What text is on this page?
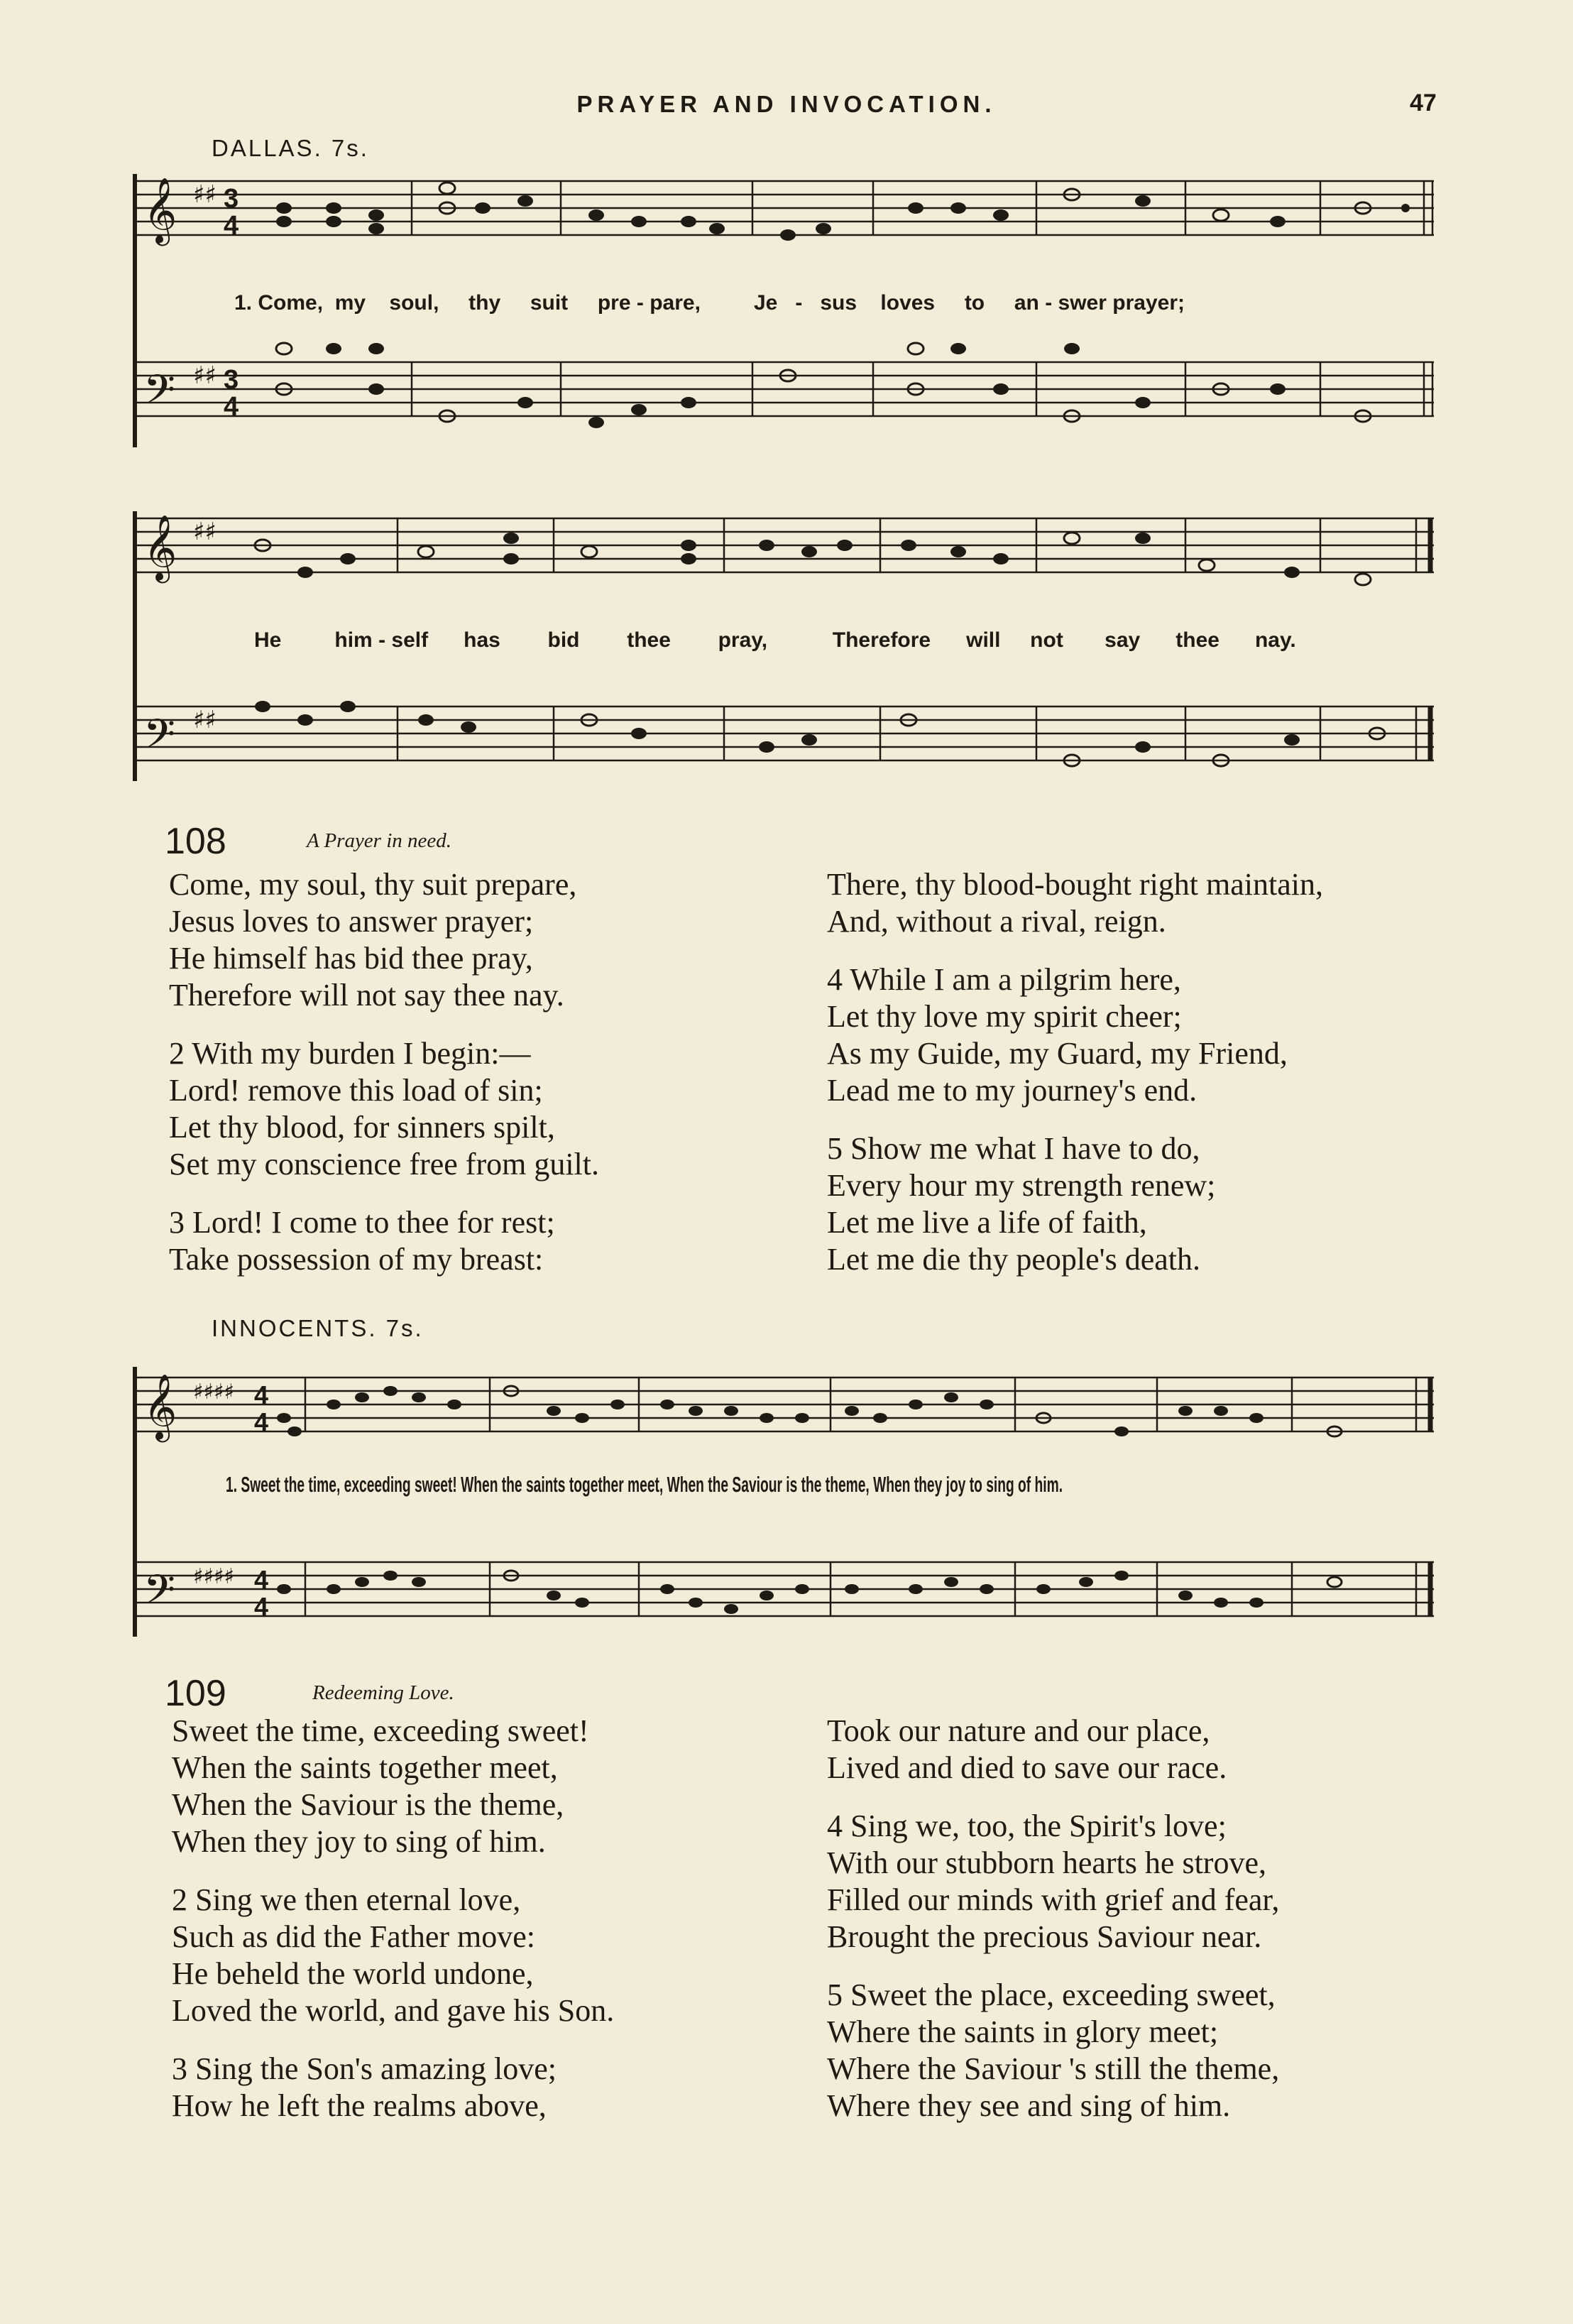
PRAYER AND INVOCATION.	47
DALLAS. 7s.
𝄞
𝄢
♯♯
♯♯
3
4
3
4
1. Come, my soul, thy suit pre - pare,	Je - sus loves to an - swer prayer;
𝄞
𝄢
♯♯
♯♯
He	him - self has bid thee pray,	Therefore will not say thee nay.
108	A Prayer in need.
Come, my soul, thy suit prepare,
Jesus loves to answer prayer;
He himself has bid thee pray,
Therefore will not say thee nay.
2 With my burden I begin:—
Lord! remove this load of sin;
Let thy blood, for sinners spilt,
Set my conscience free from guilt.
3 Lord! I come to thee for rest;
Take possession of my breast:
There, thy blood-bought right maintain,
And, without a rival, reign.
4 While I am a pilgrim here,
Let thy love my spirit cheer;
As my Guide, my Guard, my Friend,
Lead me to my journey's end.
5 Show me what I have to do,
Every hour my strength renew;
Let me live a life of faith,
Let me die thy people's death.
INNOCENTS. 7s.
𝄞
𝄢
♯♯♯♯
♯♯♯♯
4
4
4
4
1. Sweet the time, exceeding sweet! When the saints together meet, When the Saviour is the theme, When they joy to sing of him.
109	Redeeming Love.
Sweet the time, exceeding sweet!
When the saints together meet,
When the Saviour is the theme,
When they joy to sing of him.
2 Sing we then eternal love,
Such as did the Father move:
He beheld the world undone,
Loved the world, and gave his Son.
3 Sing the Son's amazing love;
How he left the realms above,
Took our nature and our place,
Lived and died to save our race.
4 Sing we, too, the Spirit's love;
With our stubborn hearts he strove,
Filled our minds with grief and fear,
Brought the precious Saviour near.
5 Sweet the place, exceeding sweet,
Where the saints in glory meet;
Where the Saviour 's still the theme,
Where they see and sing of him.
